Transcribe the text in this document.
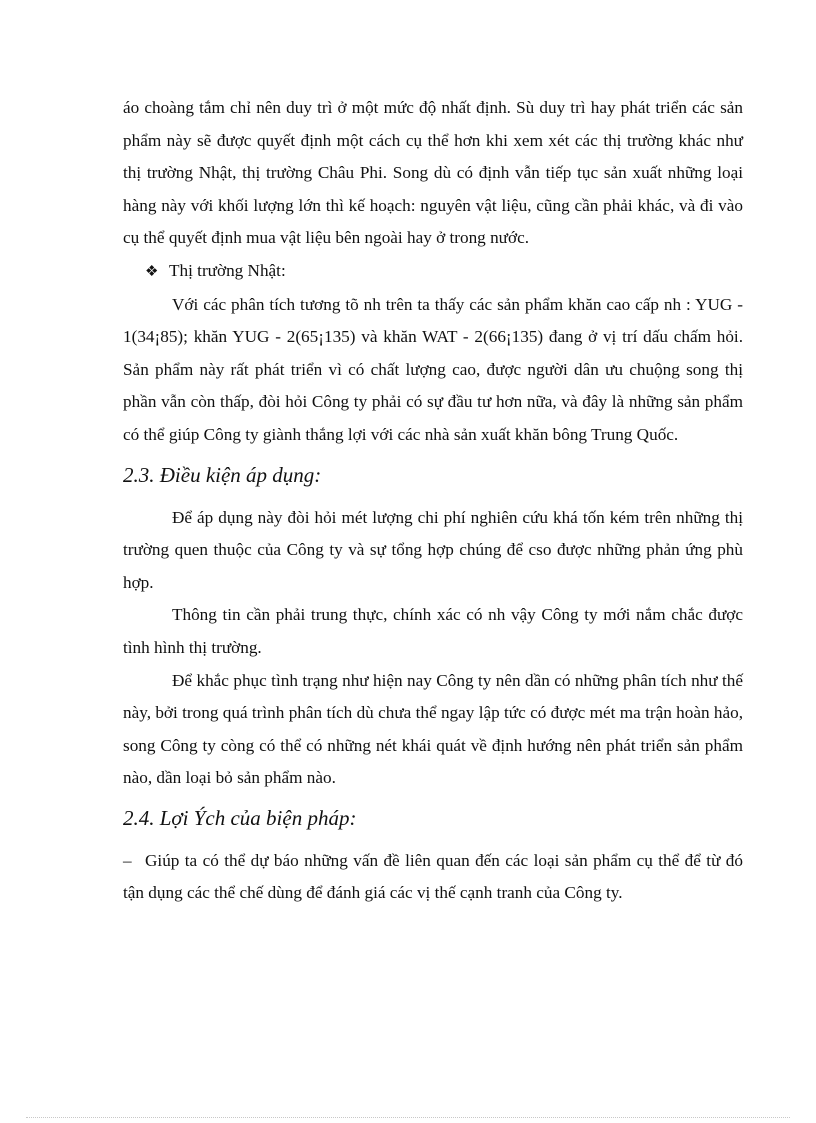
áo choàng tắm chỉ nên duy trì ở một mức độ nhất định. Sù duy trì hay phát triển các sản phẩm này sẽ được quyết định một cách cụ thể hơn khi xem xét các thị trường khác như thị trường Nhật, thị trường Châu Phi. Song dù có định vẫn tiếp tục sản xuất những loại hàng này với khối lượng lớn thì kế hoạch: nguyên vật liệu, cũng cần phải khác, và đi vào cụ thể quyết định mua vật liệu bên ngoài hay ở trong nước.

❖ Thị trường Nhật:

Với các phân tích tương tõ nh trên ta thấy các sản phẩm khăn cao cấp nh : YUG - 1(34¡85); khăn YUG - 2(65¡135) và khăn WAT - 2(66¡135) đang ở vị trí dấu chấm hỏi. Sản phẩm này rất phát triển vì có chất lượng cao, được người dân ưu chuộng song thị phần vẫn còn thấp, đòi hỏi Công ty phải có sự đầu tư hơn nữa, và đây là những sản phẩm có thể giúp Công ty giành thắng lợi với các nhà sản xuất khăn bông Trung Quốc.

2.3. Điều kiện áp dụng:

Để áp dụng này đòi hỏi mét lượng chi phí nghiên cứu khá tốn kém trên những thị trường quen thuộc của Công ty và sự tổng hợp chúng để cso được những phản ứng phù hợp.

Thông tin cần phải trung thực, chính xác có nh vậy Công ty mới nắm chắc được tình hình thị trường.

Để khắc phục tình trạng như hiện nay Công ty nên dần có những phân tích như thế này, bởi trong quá trình phân tích dù chưa thể ngay lập tức có được mét ma trận hoàn hảo, song Công ty còng có thể có những nét khái quát về định hướng nên phát triển sản phẩm nào, dần loại bỏ sản phẩm nào.

2.4. Lợi Ých của biện pháp:

– Giúp ta có thể dự báo những vấn đề liên quan đến các loại sản phẩm cụ thể để từ đó tận dụng các thể chế dùng để đánh giá các vị thế cạnh tranh của Công ty.
